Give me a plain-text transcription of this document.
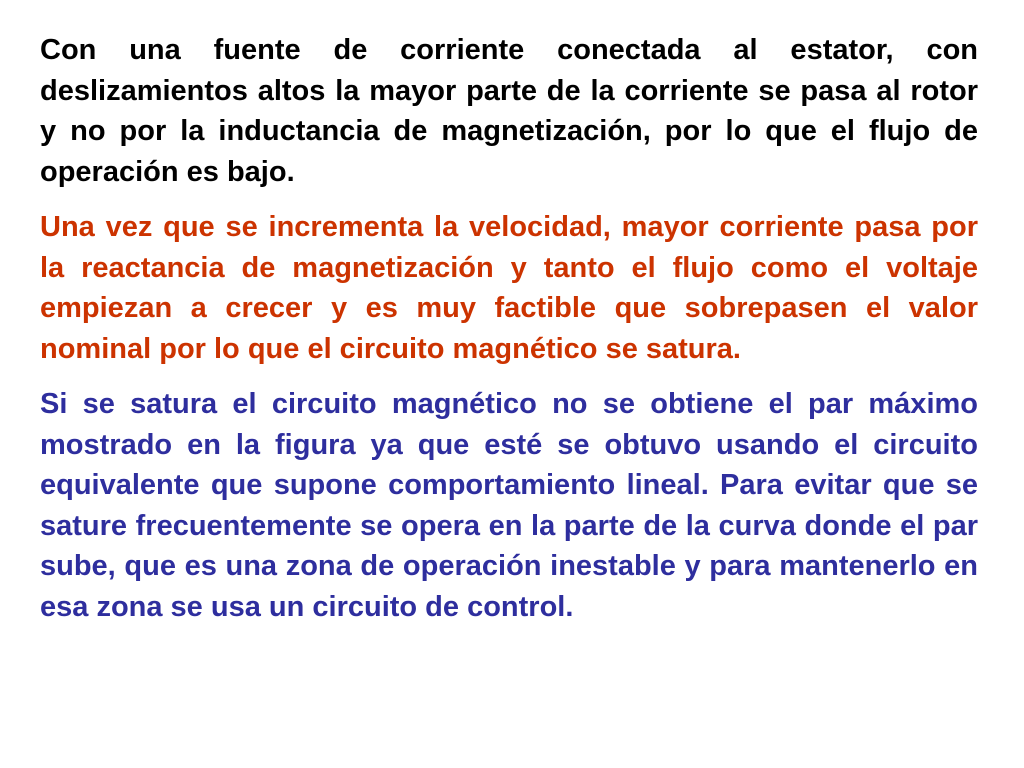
Con una fuente de corriente conectada al estator, con deslizamientos altos la mayor parte de la corriente se pasa al rotor y no por la inductancia de magnetización, por lo que el flujo de operación es bajo.

Una vez que se incrementa la velocidad, mayor corriente pasa por la reactancia de magnetización y tanto el flujo como el voltaje empiezan a crecer y es muy factible que sobrepasen el valor nominal por lo que el circuito magnético se satura.

Si se satura el circuito magnético no se obtiene el par máximo mostrado en la figura ya que esté se obtuvo usando el circuito equivalente que supone comportamiento lineal. Para evitar que se sature frecuentemente se opera en la parte de la curva donde el par sube, que es una zona de operación inestable y para mantenerlo en esa zona se usa un circuito de control.
